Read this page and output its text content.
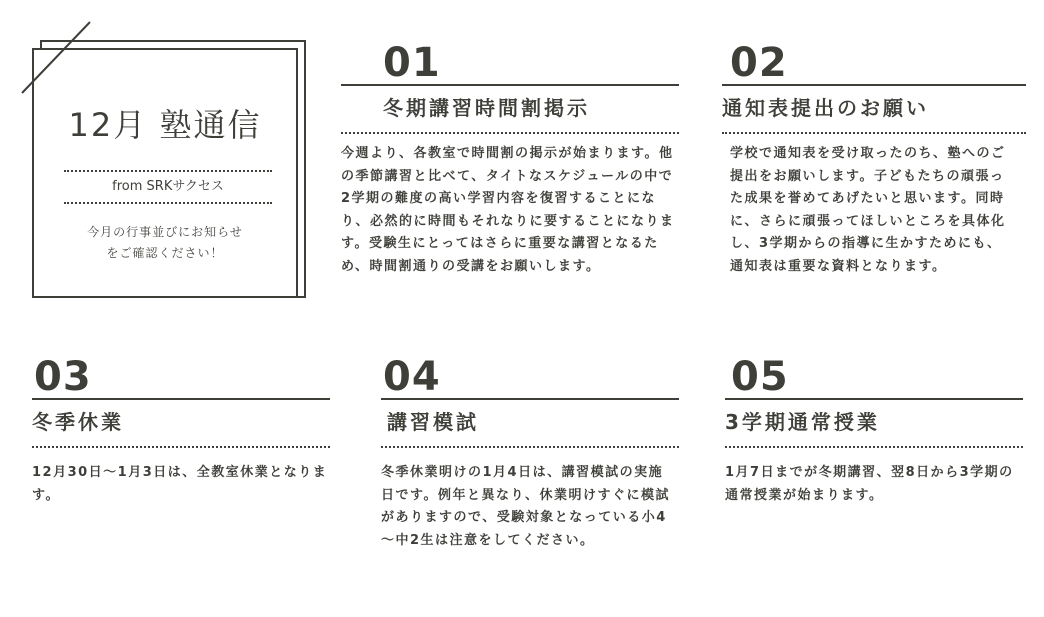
12月 塾通信
from SRKサクセス
今月の行事並びにお知らせ
をご確認ください！
01
冬期講習時間割掲示
今週より、各教室で時間割の掲示が始まります。他の季節講習と比べて、タイトなスケジュールの中で2学期の難度の高い学習内容を復習することになり、必然的に時間もそれなりに要することになります。受験生にとってはさらに重要な講習となるため、時間割通りの受講をお願いします。
02
通知表提出のお願い
学校で通知表を受け取ったのち、塾へのご提出をお願いします。子どもたちの頑張った成果を誉めてあげたいと思います。同時に、さらに頑張ってほしいところを具体化し、3学期からの指導に生かすためにも、通知表は重要な資料となります。
03
冬季休業
12月30日～1月3日は、全教室休業となります。
04
講習模試
冬季休業明けの1月4日は、講習模試の実施日です。例年と異なり、休業明けすぐに模試がありますので、受験対象となっている小4～中2生は注意をしてください。
05
3学期通常授業
1月7日までが冬期講習、翌8日から3学期の通常授業が始まります。
